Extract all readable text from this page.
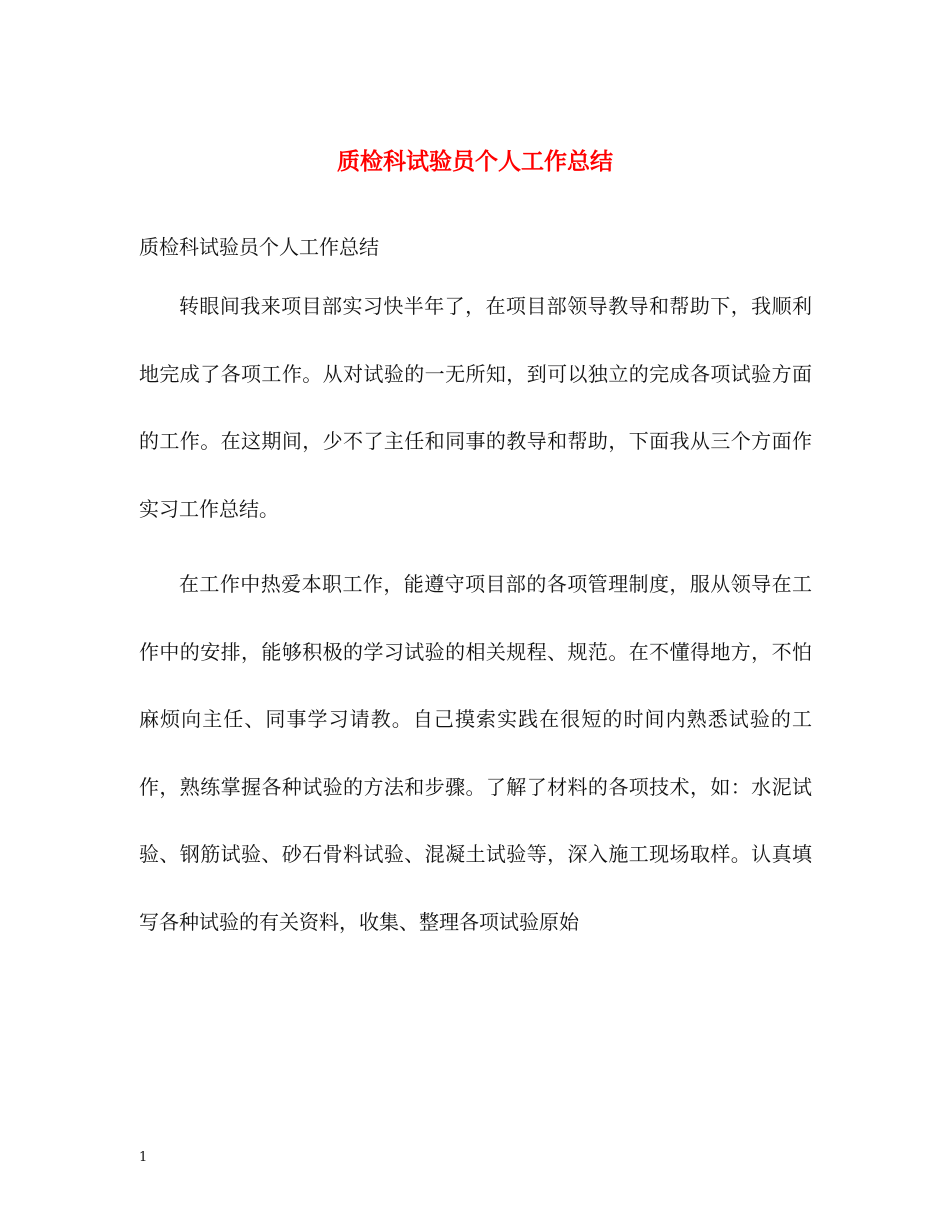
质检科试验员个人工作总结

质检科试验员个人工作总结

转眼间我来项目部实习快半年了，在项目部领导教导和帮助下，我顺利地完成了各项工作。从对试验的一无所知，到可以独立的完成各项试验方面的工作。在这期间，少不了主任和同事的教导和帮助，下面我从三个方面作实习工作总结。

在工作中热爱本职工作，能遵守项目部的各项管理制度，服从领导在工作中的安排，能够积极的学习试验的相关规程、规范。在不懂得地方，不怕麻烦向主任、同事学习请教。自己摸索实践在很短的时间内熟悉试验的工作，熟练掌握各种试验的方法和步骤。了解了材料的各项技术，如：水泥试验、钢筋试验、砂石骨料试验、混凝土试验等，深入施工现场取样。认真填写各种试验的有关资料，收集、整理各项试验原始

1
